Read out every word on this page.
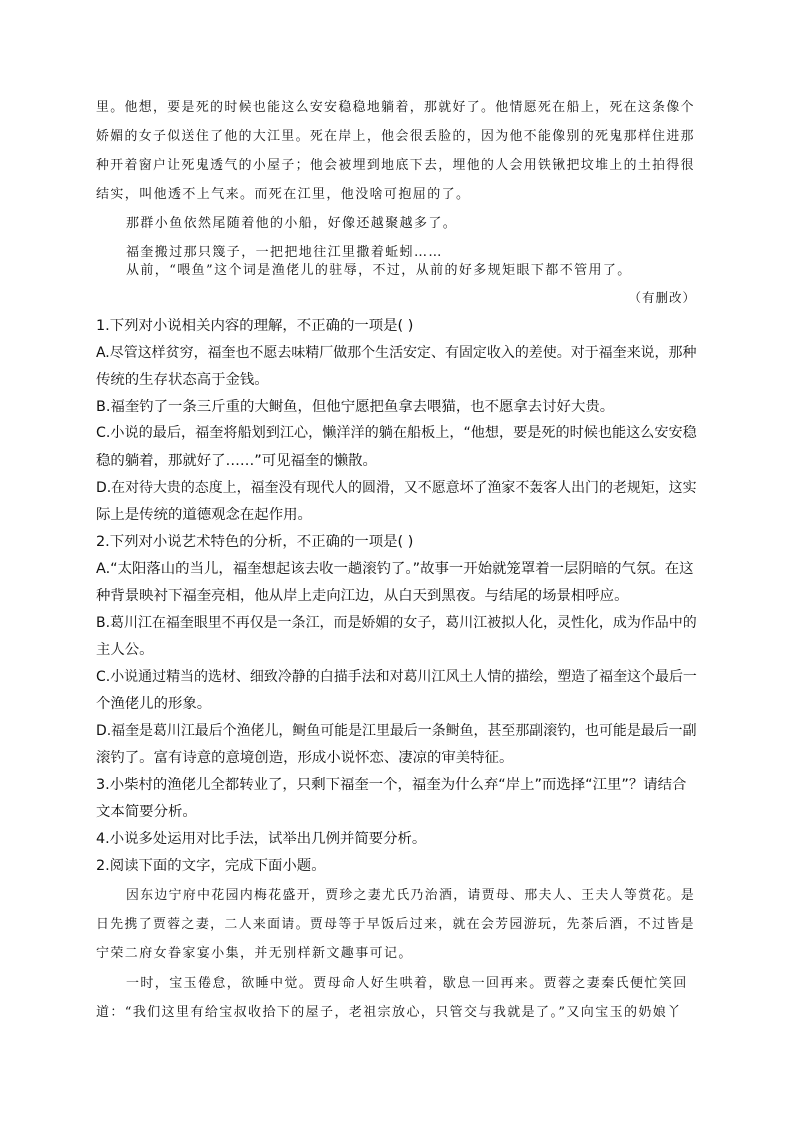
里。他想，要是死的时候也能这么安安稳稳地躺着，那就好了。他情愿死在船上，死在这条像个
娇媚的女子似送住了他的大江里。死在岸上，他会很丢脸的，因为他不能像别的死鬼那样住进那
种开着窗户让死鬼透气的小屋子；他会被埋到地底下去，埋他的人会用铁锹把坟堆上的土拍得很
结实，叫他透不上气来。而死在江里，他没啥可抱屈的了。
那群小鱼依然尾随着他的小船，好像还越聚越多了。
福奎搬过那只篾子，一把把地往江里撒着蚯蚓……
从前，“喂鱼”这个词是渔佬儿的驻辱，不过，从前的好多规矩眼下都不管用了。
（有删改）
1.下列对小说相关内容的理解，不正确的一项是( )
A.尽管这样贫穷，福奎也不愿去味精厂做那个生活安定、有固定收入的差使。对于福奎来说，那种
传统的生存状态高于金钱。
B.福奎钓了一条三斤重的大鲥鱼，但他宁愿把鱼拿去喂猫，也不愿拿去讨好大贵。
C.小说的最后，福奎将船划到江心，懒洋洋的躺在船板上，“他想，要是死的时候也能这么安安稳
稳的躺着，那就好了……”可见福奎的懒散。
D.在对待大贵的态度上，福奎没有现代人的圆滑，又不愿意坏了渔家不轰客人出门的老规矩，这实
际上是传统的道德观念在起作用。
2.下列对小说艺术特色的分析，不正确的一项是( )
A.“太阳落山的当儿，福奎想起该去收一趟滚钓了。”故事一开始就笼罩着一层阴暗的气氛。在这
种背景映衬下福奎亮相，他从岸上走向江边，从白天到黑夜。与结尾的场景相呼应。
B.葛川江在福奎眼里不再仅是一条江，而是娇媚的女子，葛川江被拟人化，灵性化，成为作品中的
主人公。
C.小说通过精当的选材、细致冷静的白描手法和对葛川江风土人情的描绘，塑造了福奎这个最后一
个渔佬儿的形象。
D.福奎是葛川江最后个渔佬儿，鲥鱼可能是江里最后一条鲥鱼，甚至那副滚钓，也可能是最后一副
滚钓了。富有诗意的意境创造，形成小说怀恋、凄凉的审美特征。
3.小柴村的渔佬儿全都转业了，只剩下福奎一个，福奎为什么弃“岸上”而选择“江里”？请结合
文本简要分析。
4.小说多处运用对比手法，试举出几例并简要分析。
2.阅读下面的文字，完成下面小题。
因东边宁府中花园内梅花盛开，贾珍之妻尤氏乃治酒，请贾母、邢夫人、王夫人等赏花。是
日先携了贾蓉之妻，二人来面请。贾母等于早饭后过来，就在会芳园游玩，先茶后酒，不过皆是
宁荣二府女眷家宴小集，并无别样新文趣事可记。
一时，宝玉倦怠，欲睡中觉。贾母命人好生哄着，歇息一回再来。贾蓉之妻秦氏便忙笑回
道：“我们这里有给宝叔收拾下的屋子，老祖宗放心，只管交与我就是了。”又向宝玉的奶娘丫
